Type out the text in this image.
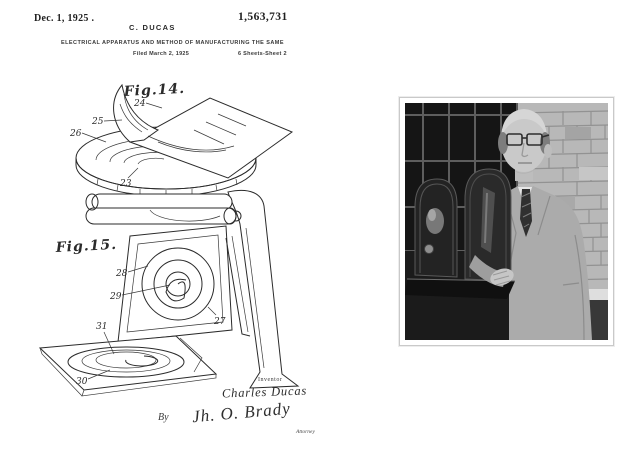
Dec. 1, 1925 .	1,563,731
C. DUCAS
ELECTRICAL APPARATUS AND METHOD OF MANUFACTURING THE SAME
Filed March 2, 1925	6 Sheets-Sheet 2
Fig.14.
24
25
26
23
Fig.15.
28
29
31
30
27
Inventor
Charles Ducas
By Jh. O. Brady
Attorney
